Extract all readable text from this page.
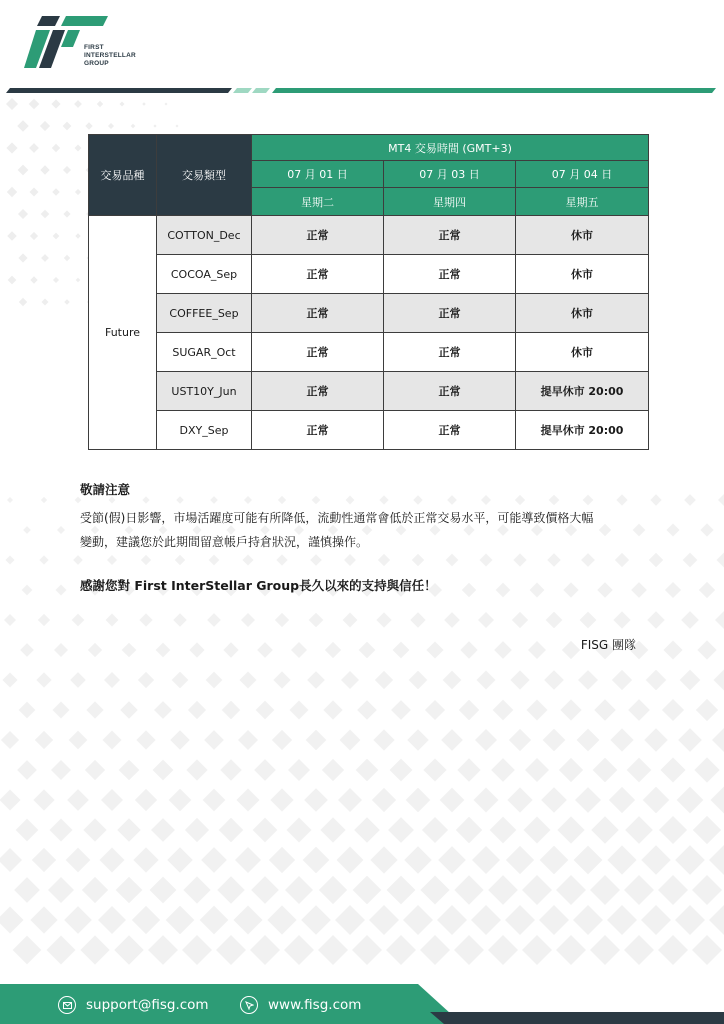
FIRST
INTERSTELLAR
GROUP
交易品種	交易類型	MT4 交易時間 (GMT+3)		
		07 月 01 日	07 月 03 日	07 月 04 日
		星期二	星期四	星期五
Future	COTTON_Dec	正常	正常	休市
	COCOA_Sep	正常	正常	休市
	COFFEE_Sep	正常	正常	休市
	SUGAR_Oct	正常	正常	休市
	UST10Y_Jun	正常	正常	提早休市 20:00
	DXY_Sep	正常	正常	提早休市 20:00
敬請注意
受節(假)日影響，市場活躍度可能有所降低，流動性通常會低於正常交易水平，可能導致價格大幅
變動，建議您於此期間留意帳戶持倉狀況，謹慎操作。
感謝您對 First InterStellar Group長久以來的支持與信任！
FISG 團隊
support@fisg.com	www.fisg.com
